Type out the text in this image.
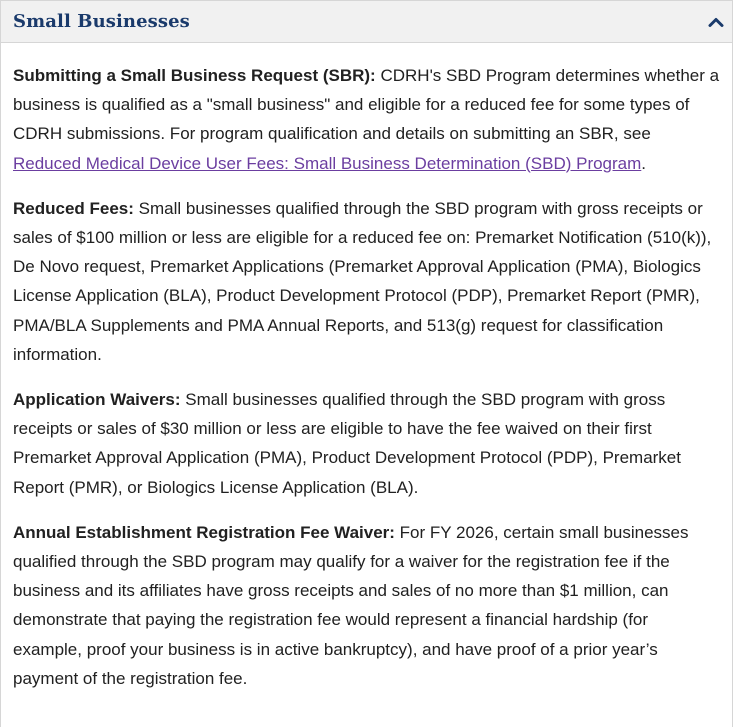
Small Businesses

Submitting a Small Business Request (SBR): CDRH's SBD Program determines whether a business is qualified as a "small business" and eligible for a reduced fee for some types of CDRH submissions. For program qualification and details on submitting an SBR, see Reduced Medical Device User Fees: Small Business Determination (SBD) Program.

Reduced Fees: Small businesses qualified through the SBD program with gross receipts or sales of $100 million or less are eligible for a reduced fee on: Premarket Notification (510(k)), De Novo request, Premarket Applications (Premarket Approval Application (PMA), Biologics License Application (BLA), Product Development Protocol (PDP), Premarket Report (PMR), PMA/BLA Supplements and PMA Annual Reports, and 513(g) request for classification information.

Application Waivers: Small businesses qualified through the SBD program with gross receipts or sales of $30 million or less are eligible to have the fee waived on their first Premarket Approval Application (PMA), Product Development Protocol (PDP), Premarket Report (PMR), or Biologics License Application (BLA).

Annual Establishment Registration Fee Waiver: For FY 2026, certain small businesses qualified through the SBD program may qualify for a waiver for the registration fee if the business and its affiliates have gross receipts and sales of no more than $1 million, can demonstrate that paying the registration fee would represent a financial hardship (for example, proof your business is in active bankruptcy), and have proof of a prior year’s payment of the registration fee.
